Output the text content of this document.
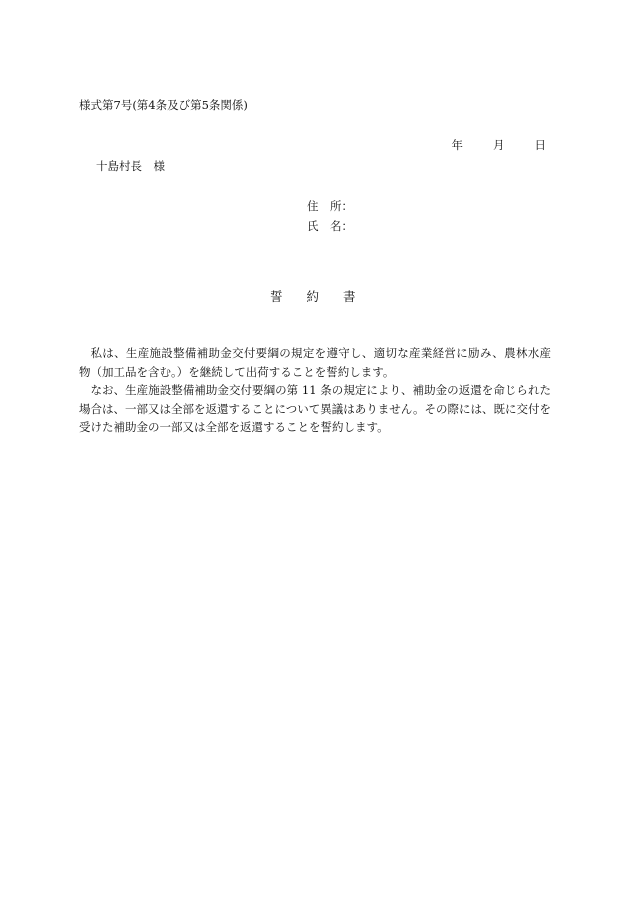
様式第7号(第4条及び第5条関係)
年	月	日
十島村長　様
住　所：
氏　名：
誓約書

私は、生産施設整備補助金交付要綱の規定を遵守し、適切な産業経営に励み、農林水産物（加工品を含む。）を継続して出荷することを誓約します。

なお、生産施設整備補助金交付要綱の第 11 条の規定により、補助金の返還を命じられた場合は、一部又は全部を返還することについて異議はありません。その際には、既に交付を受けた補助金の一部又は全部を返還することを誓約します。
